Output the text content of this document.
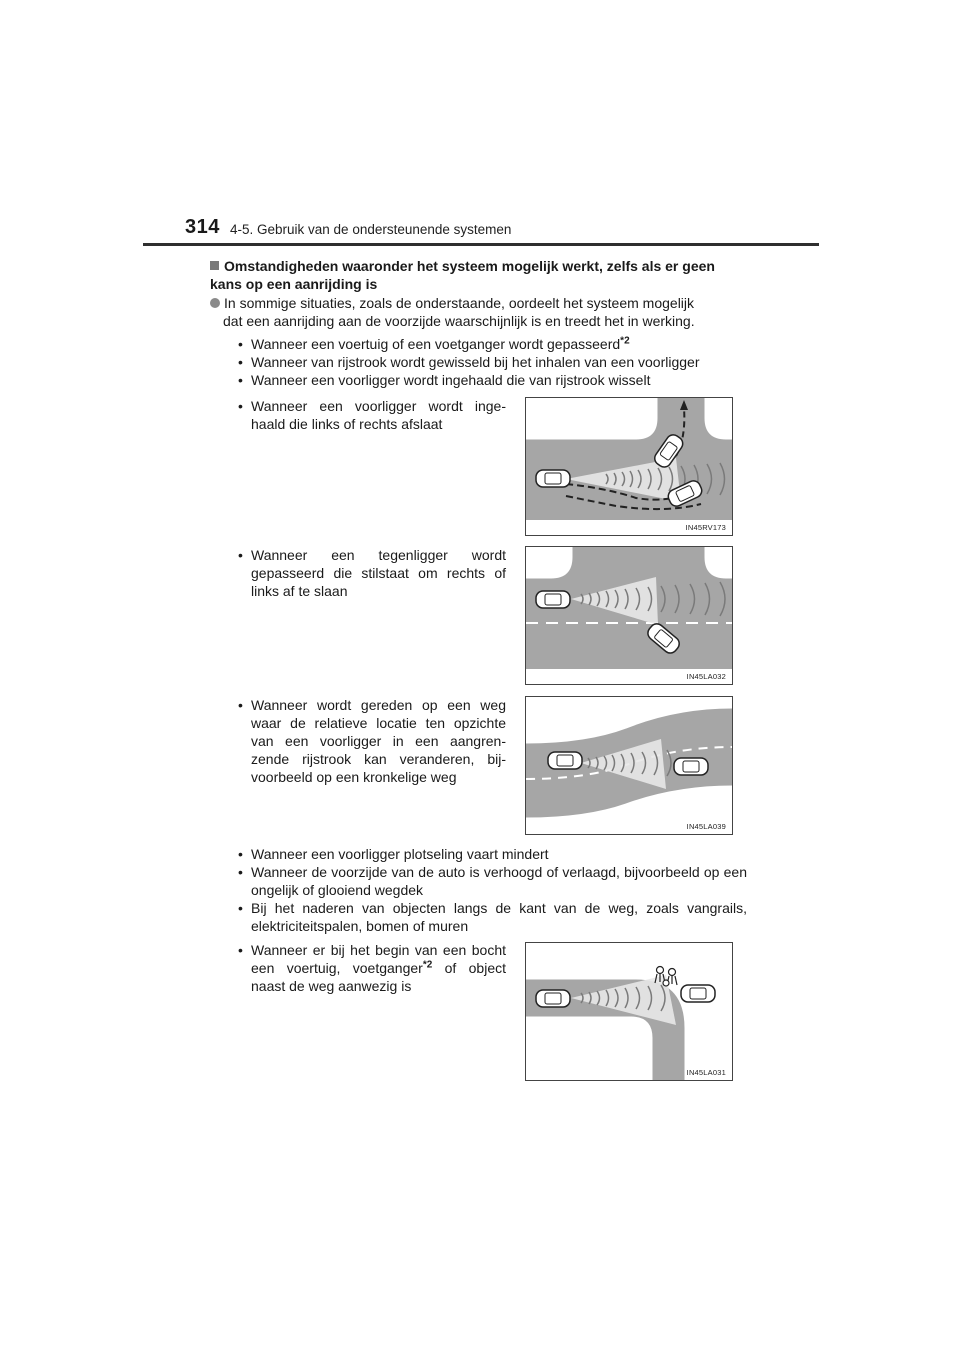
314 4-5. Gebruik van de ondersteunende systemen
Omstandigheden waaronder het systeem mogelijk werkt, zelfs als er geen kans op een aanrijding is
In sommige situaties, zoals de onderstaande, oordeelt het systeem mogelijk
dat een aanrijding aan de voorzijde waarschijnlijk is en treedt het in werking.
• Wanneer een voertuig of een voetganger wordt gepasseerd$^{*2}$
• Wanneer van rijstrook wordt gewisseld bij het inhalen van een voorligger
• Wanneer een voorligger wordt ingehaald die van rijstrook wisselt
• Wanneer een voorligger wordt inge-haald die links of rechts afslaat
IN45RV173
• Wanneer een tegenligger wordt gepasseerd die stilstaat om rechts of links af te slaan
IN45LA032
• Wanneer wordt gereden op een weg waar de relatieve locatie ten opzichte van een voorligger in een aangren-zende rijstrook kan veranderen, bij-voorbeeld op een kronkelige weg
IN45LA039
• Wanneer een voorligger plotseling vaart mindert
• Wanneer de voorzijde van de auto is verhoogd of verlaagd, bijvoorbeeld op een ongelijk of glooiend wegdek
• Bij het naderen van objecten langs de kant van de weg, zoals vangrails, elektriciteitspalen, bomen of muren
• Wanneer er bij het begin van een bocht een voertuig, voetganger$^{*2}$ of object naast de weg aanwezig is
IN45LA031
